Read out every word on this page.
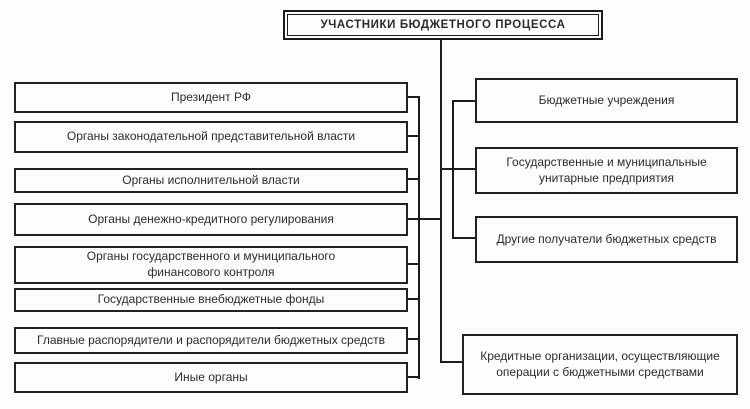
УЧАСТНИКИ БЮДЖЕТНОГО ПРОЦЕССА
Президент РФ
Органы законодательной представительной власти
Органы исполнительной власти
Органы денежно-кредитного регулирования
Органы государственного и муниципального финансового контроля
Государственные внебюджетные фонды
Главные распорядители и распорядители бюджетных средств
Иные органы
Бюджетные учреждения
Государственные и муниципальные унитарные предприятия
Другие получатели бюджетных средств
Кредитные организации, осуществляющие операции с бюджетными средствами
